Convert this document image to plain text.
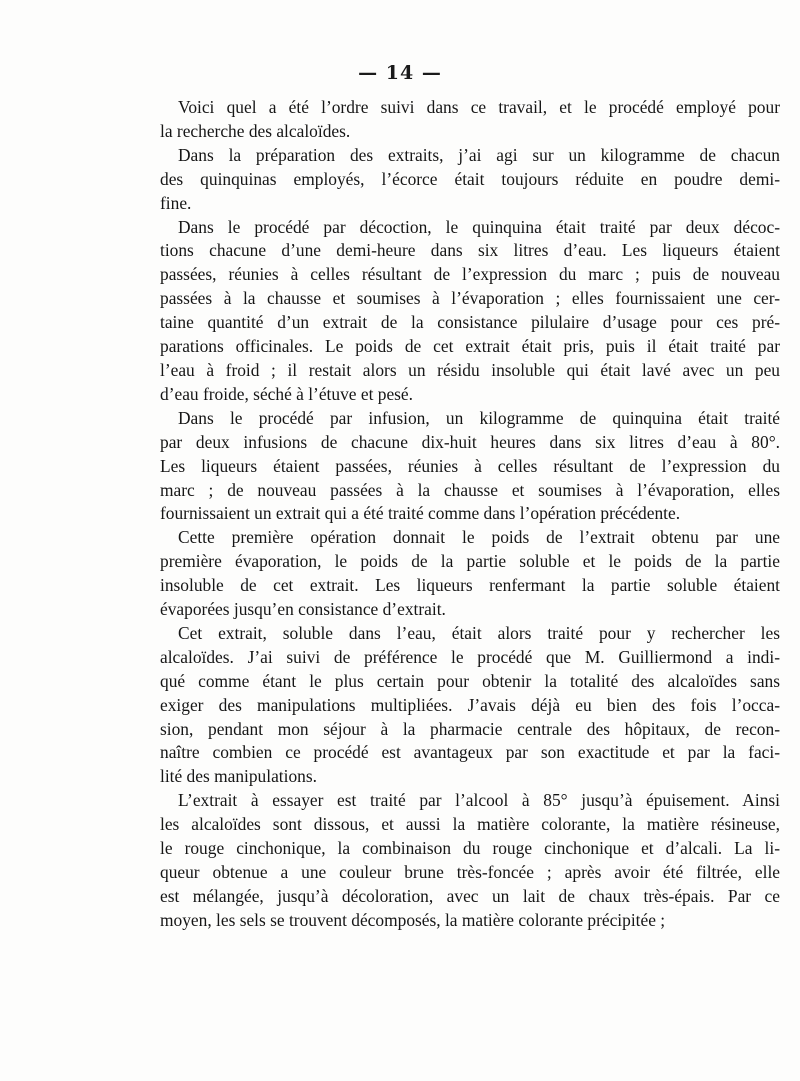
— 14 —

Voici quel a été l’ordre suivi dans ce travail, et le procédé employé pour
la recherche des alcaloïdes.

Dans la préparation des extraits, j’ai agi sur un kilogramme de chacun
des quinquinas employés, l’écorce était toujours réduite en poudre demi-
fine.

Dans le procédé par décoction, le quinquina était traité par deux décoc-
tions chacune d’une demi-heure dans six litres d’eau. Les liqueurs étaient
passées, réunies à celles résultant de l’expression du marc ; puis de nouveau
passées à la chausse et soumises à l’évaporation ; elles fournissaient une cer-
taine quantité d’un extrait de la consistance pilulaire d’usage pour ces pré-
parations officinales. Le poids de cet extrait était pris, puis il était traité par
l’eau à froid ; il restait alors un résidu insoluble qui était lavé avec un peu
d’eau froide, séché à l’étuve et pesé.

Dans le procédé par infusion, un kilogramme de quinquina était traité
par deux infusions de chacune dix-huit heures dans six litres d’eau à 80°.
Les liqueurs étaient passées, réunies à celles résultant de l’expression du
marc ; de nouveau passées à la chausse et soumises à l’évaporation, elles
fournissaient un extrait qui a été traité comme dans l’opération précédente.

Cette première opération donnait le poids de l’extrait obtenu par une
première évaporation, le poids de la partie soluble et le poids de la partie
insoluble de cet extrait. Les liqueurs renfermant la partie soluble étaient
évaporées jusqu’en consistance d’extrait.

Cet extrait, soluble dans l’eau, était alors traité pour y rechercher les
alcaloïdes. J’ai suivi de préférence le procédé que M. Guilliermond a indi-
qué comme étant le plus certain pour obtenir la totalité des alcaloïdes sans
exiger des manipulations multipliées. J’avais déjà eu bien des fois l’occa-
sion, pendant mon séjour à la pharmacie centrale des hôpitaux, de recon-
naître combien ce procédé est avantageux par son exactitude et par la faci-
lité des manipulations.

L’extrait à essayer est traité par l’alcool à 85° jusqu’à épuisement. Ainsi
les alcaloïdes sont dissous, et aussi la matière colorante, la matière résineuse,
le rouge cinchonique, la combinaison du rouge cinchonique et d’alcali. La li-
queur obtenue a une couleur brune très-foncée ; après avoir été filtrée, elle
est mélangée, jusqu’à décoloration, avec un lait de chaux très-épais. Par ce
moyen, les sels se trouvent décomposés, la matière colorante précipitée ;
